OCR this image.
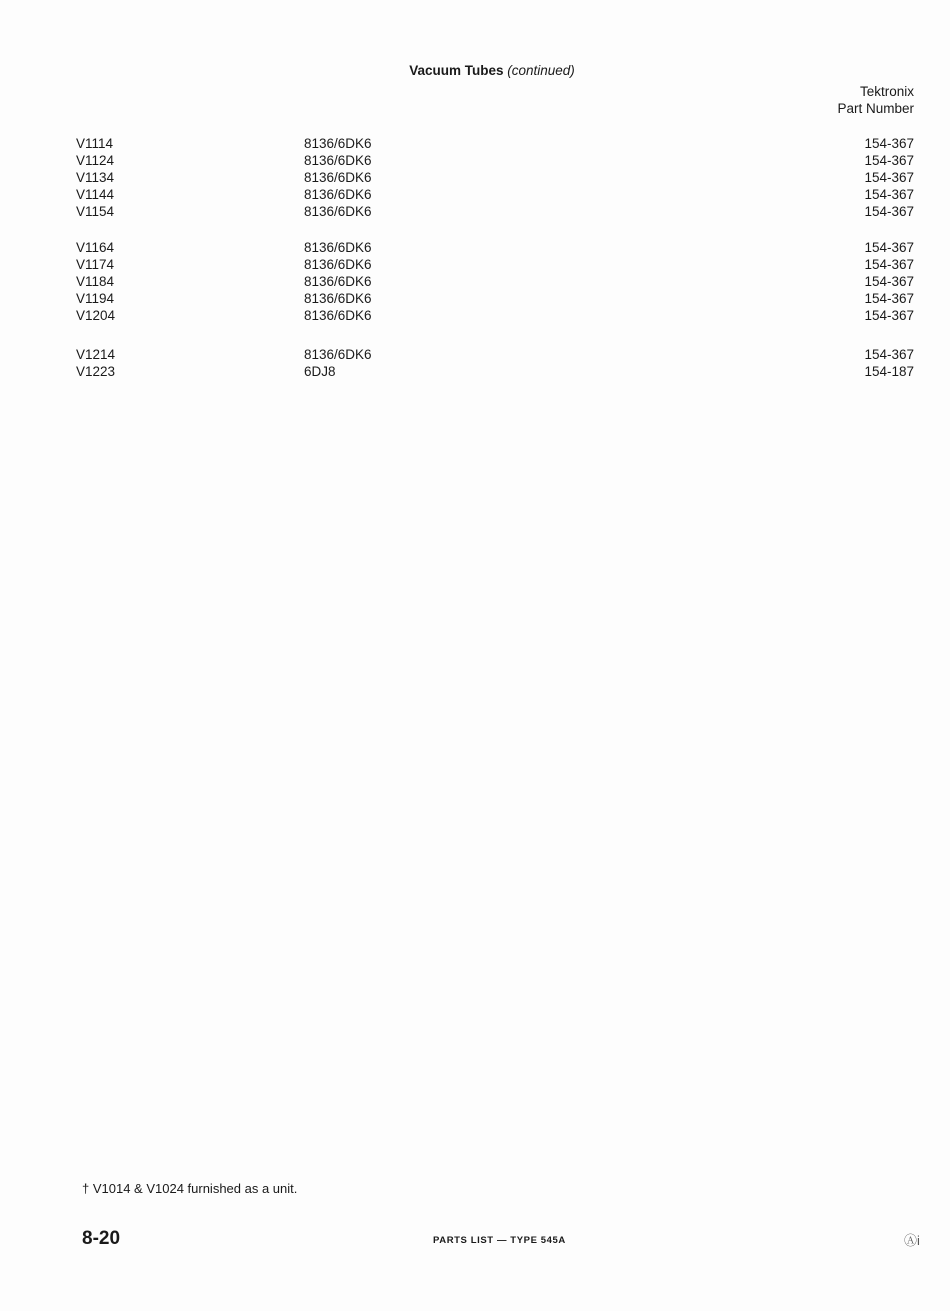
Vacuum Tubes (continued)
Tektronix
Part Number
V1114	8136/6DK6	154-367
V1124	8136/6DK6	154-367
V1134	8136/6DK6	154-367
V1144	8136/6DK6	154-367
V1154	8136/6DK6	154-367
V1164	8136/6DK6	154-367
V1174	8136/6DK6	154-367
V1184	8136/6DK6	154-367
V1194	8136/6DK6	154-367
V1204	8136/6DK6	154-367
V1214	8136/6DK6	154-367
V1223	6DJ8	154-187
† V1014 & V1024 furnished as a unit.
8-20	PARTS LIST — TYPE 545A	Ⓐi
